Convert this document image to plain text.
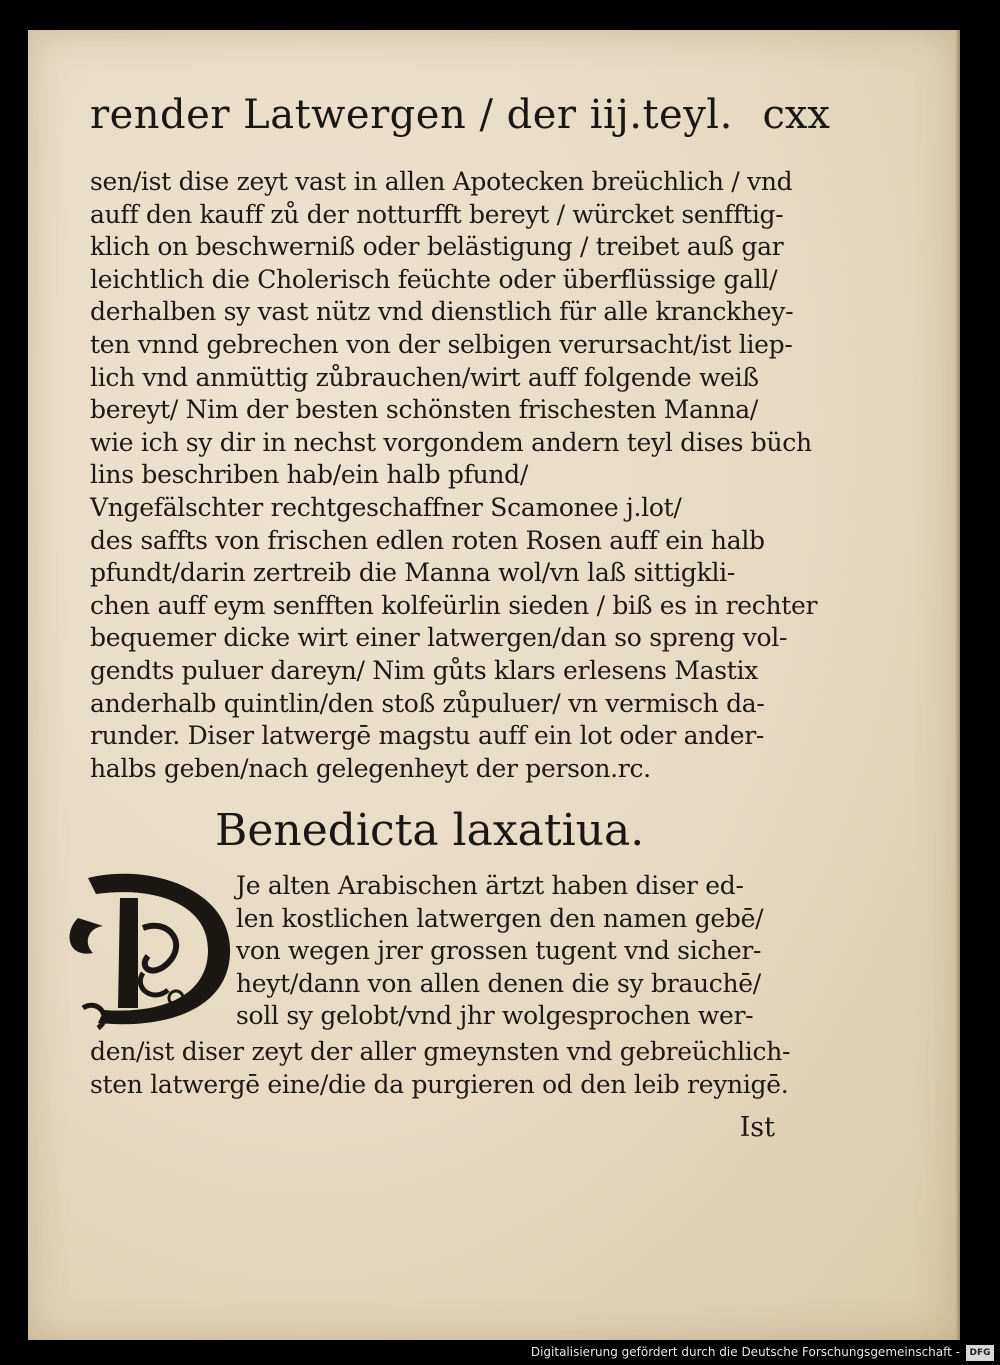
render Latwergen / der iij.teyl. cxx
sen/ist dise zeyt vast in allen Apotecken breüchlich / vnd
auff den kauff zů der notturfft bereyt / würcket senfftig-
klich on beschwerniß oder belästigung / treibet auß gar
leichtlich die Cholerisch feüchte oder überflüssige gall/
derhalben sy vast nütz vnd dienstlich für alle kranckhey-
ten vnnd gebrechen von der selbigen verursacht/ist liep-
lich vnd anmüttig zůbrauchen/wirt auff folgende weiß
bereyt/ Nim der besten schönsten frischesten Manna/
wie ich sy dir in nechst vorgondem andern teyl dises büch
lins beschriben hab/ein halb pfund/
Vngefälschter rechtgeschaffner Scamonee j.lot/
des saffts von frischen edlen roten Rosen auff ein halb
pfundt/darin zertreib die Manna wol/vn laß sittigkli-
chen auff eym senfften kolfeürlin sieden / biß es in rechter
bequemer dicke wirt einer latwergen/dan so spreng vol-
gendts puluer dareyn/ Nim gůts klars erlesens Mastix
anderhalb quintlin/den stoß zůpuluer/ vn vermisch da-
runder. Diser latwergē magstu auff ein lot oder ander-
halbs geben/nach gelegenheyt der person.rc.
Benedicta laxatiua.
Je alten Arabischen ärtzt haben diser ed-
len kostlichen latwergen den namen gebē/
von wegen jrer grossen tugent vnd sicher-
heyt/dann von allen denen die sy brauchē/
soll sy gelobt/vnd jhr wolgesprochen wer-
den/ist diser zeyt der aller gmeynsten vnd gebreüchlich-
sten latwergē eine/die da purgieren od den leib reynigē.
Ist
Digitalisierung gefördert durch die Deutsche Forschungsgemeinschaft -	DFG
